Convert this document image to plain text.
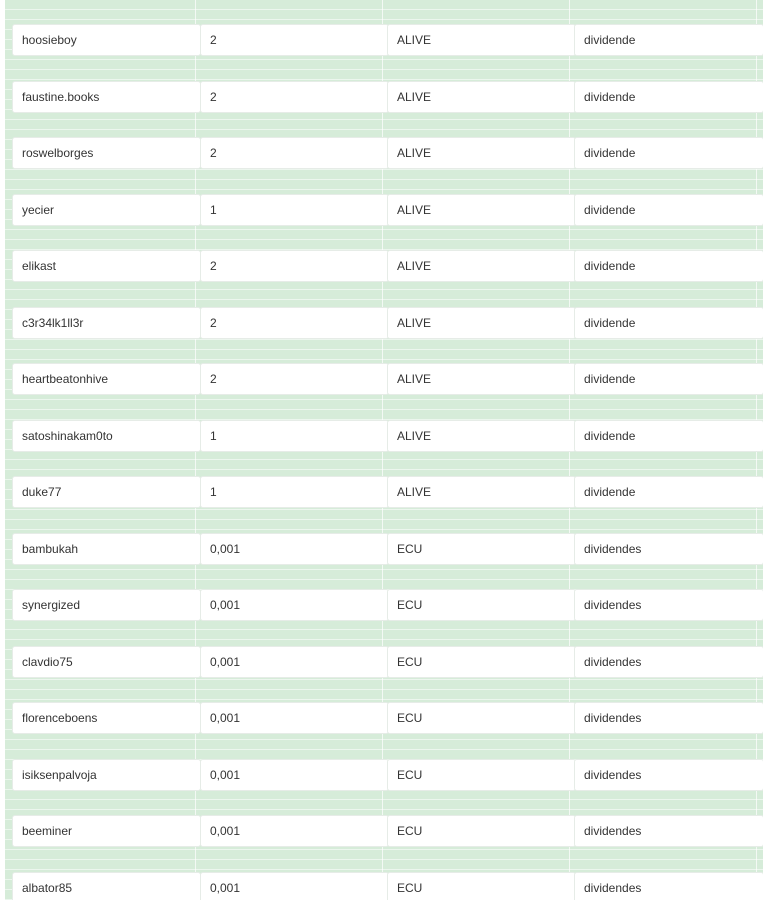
hoosieboy	2	ALIVE	dividende
faustine.books	2	ALIVE	dividende
roswelborges	2	ALIVE	dividende
yecier	1	ALIVE	dividende
elikast	2	ALIVE	dividende
c3r34lk1ll3r	2	ALIVE	dividende
heartbeatonhive	2	ALIVE	dividende
satoshinakam0to	1	ALIVE	dividende
duke77	1	ALIVE	dividende
bambukah	0,001	ECU	dividendes
synergized	0,001	ECU	dividendes
clavdio75	0,001	ECU	dividendes
florenceboens	0,001	ECU	dividendes
isiksenpalvoja	0,001	ECU	dividendes
beeminer	0,001	ECU	dividendes
albator85	0,001	ECU	dividendes
